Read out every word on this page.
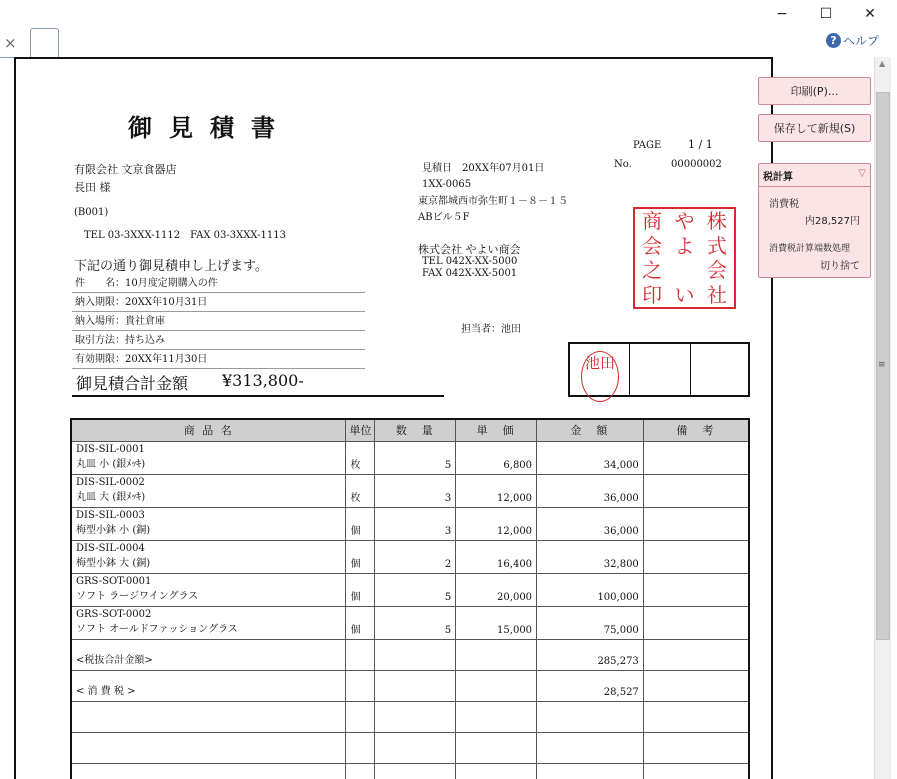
−	☐	✕
×	? ヘルプ
御見積書
PAGE 1 / 1
No.	00000002
有限会社 文京食器店
長田 様
(B001)
TEL 03-3XXX-1112　FAX 03-3XXX-1113
下記の通り御見積申し上げます。
件　　名：10月度定期購入の件
納入期限：20XX年10月31日
納入場所：貴社倉庫
取引方法：持ち込み
有効期限：20XX年11月30日
御見積合計金額 ¥313,800-
見積日　20XX年07月01日
1XX-0065
東京都城西市弥生町１－８－１５
ABビル５F
株式会社 やよい商会
TEL 042X-XX-5000
FAX 042X-XX-5001
担当者：池田
商 や 株
会 よ 式
之	会
印 い 社
池田
商 品 名	単位	数　量	単　価	金　額	備　考

DIS-SIL-0001
丸皿 小 (銀ﾒｯｷ)	枚	5	6,800	34,000	

DIS-SIL-0002
丸皿 大 (銀ﾒｯｷ)	枚	3	12,000	36,000	

DIS-SIL-0003
梅型小鉢 小 (銅)	個	3	12,000	36,000	

DIS-SIL-0004
梅型小鉢 大 (銅)	個	2	16,400	32,800	

GRS-SOT-0001
ソフト ラージワイングラス	個	5	20,000	100,000	

GRS-SOT-0002
ソフト オールドファッショングラス	個	5	15,000	75,000	

<税抜合計金額>				285,273	

< 消 費 税 >				28,527	

印刷(P)...
保存して新規(S)
税計算	▽
消費税
内28,527円
消費税計算端数処理
切り捨て
▲
≡
